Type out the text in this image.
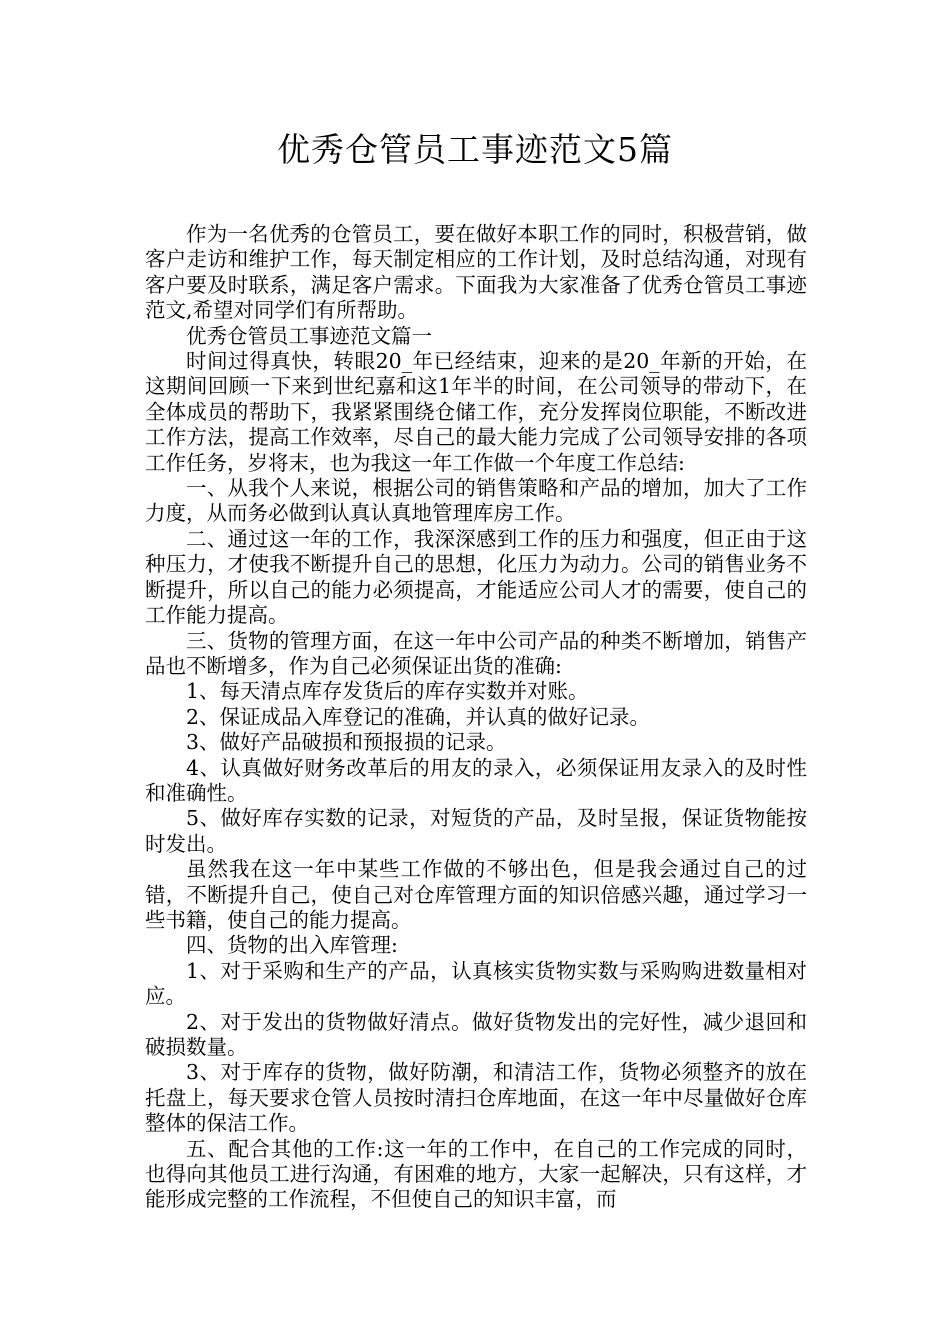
优秀仓管员工事迹范文5篇

作为一名优秀的仓管员工，要在做好本职工作的同时，积极营销，做客户走访和维护工作，每天制定相应的工作计划，及时总结沟通，对现有客户要及时联系，满足客户需求。下面我为大家准备了优秀仓管员工事迹范文,希望对同学们有所帮助。

优秀仓管员工事迹范文篇一

时间过得真快，转眼20_年已经结束，迎来的是20_年新的开始，在这期间回顾一下来到世纪嘉和这1年半的时间，在公司领导的带动下，在全体成员的帮助下，我紧紧围绕仓储工作，充分发挥岗位职能，不断改进工作方法，提高工作效率，尽自己的最大能力完成了公司领导安排的各项工作任务，岁将末，也为我这一年工作做一个年度工作总结:

一、从我个人来说，根据公司的销售策略和产品的增加，加大了工作力度，从而务必做到认真认真地管理库房工作。

二、通过这一年的工作，我深深感到工作的压力和强度，但正由于这种压力，才使我不断提升自己的思想，化压力为动力。公司的销售业务不断提升，所以自己的能力必须提高，才能适应公司人才的需要，使自己的工作能力提高。

三、货物的管理方面，在这一年中公司产品的种类不断增加，销售产品也不断增多，作为自己必须保证出货的准确:

1、每天清点库存发货后的库存实数并对账。

2、保证成品入库登记的准确，并认真的做好记录。

3、做好产品破损和预报损的记录。

4、认真做好财务改革后的用友的录入，必须保证用友录入的及时性和准确性。

5、做好库存实数的记录，对短货的产品，及时呈报，保证货物能按时发出。

虽然我在这一年中某些工作做的不够出色，但是我会通过自己的过错，不断提升自己，使自己对仓库管理方面的知识倍感兴趣，通过学习一些书籍，使自己的能力提高。

四、货物的出入库管理:

1、对于采购和生产的产品，认真核实货物实数与采购购进数量相对应。

2、对于发出的货物做好清点。做好货物发出的完好性，减少退回和破损数量。

3、对于库存的货物，做好防潮，和清洁工作，货物必须整齐的放在托盘上，每天要求仓管人员按时清扫仓库地面，在这一年中尽量做好仓库整体的保洁工作。

五、配合其他的工作:这一年的工作中，在自己的工作完成的同时，也得向其他员工进行沟通，有困难的地方，大家一起解决，只有这样，才能形成完整的工作流程，不但使自己的知识丰富，而
